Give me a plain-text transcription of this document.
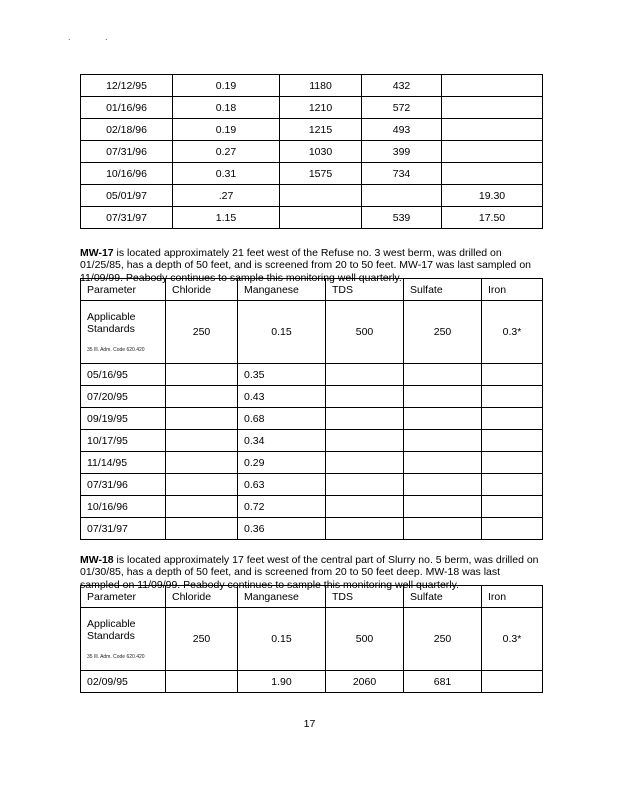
. .
12/12/95	0.19	1180	432	
01/16/96	0.18	1210	572	
02/18/96	0.19	1215	493	
07/31/96	0.27	1030	399	
10/16/96	0.31	1575	734	
05/01/97	.27			19.30
07/31/97	1.15		539	17.50

MW-17 is located approximately 21 feet west of the Refuse no. 3 west berm, was drilled on 01/25/85, has a depth of 50 feet, and is screened from 20 to 50 feet. MW-17 was last sampled on 11/09/99. Peabody continues to sample this monitoring well quarterly.

Parameter	Chloride	Manganese	TDS	Sulfate	Iron

Applicable
Standards
35 Ill. Adm. Code 620.420	250	0.15	500	250	0.3*
05/16/95		0.35			
07/20/95		0.43			
09/19/95		0.68			
10/17/95		0.34			
11/14/95		0.29			
07/31/96		0.63			
10/16/96		0.72			
07/31/97		0.36			

MW-18 is located approximately 17 feet west of the central part of Slurry no. 5 berm, was drilled on 01/30/85, has a depth of 50 feet, and is screened from 20 to 50 feet deep. MW-18 was last sampled on 11/09/99. Peabody continues to sample this monitoring well quarterly.

Parameter	Chloride	Manganese	TDS	Sulfate	Iron

Applicable
Standards
35 Ill. Adm. Code 620.420	250	0.15	500	250	0.3*
02/09/95		1.90	2060	681	
17
